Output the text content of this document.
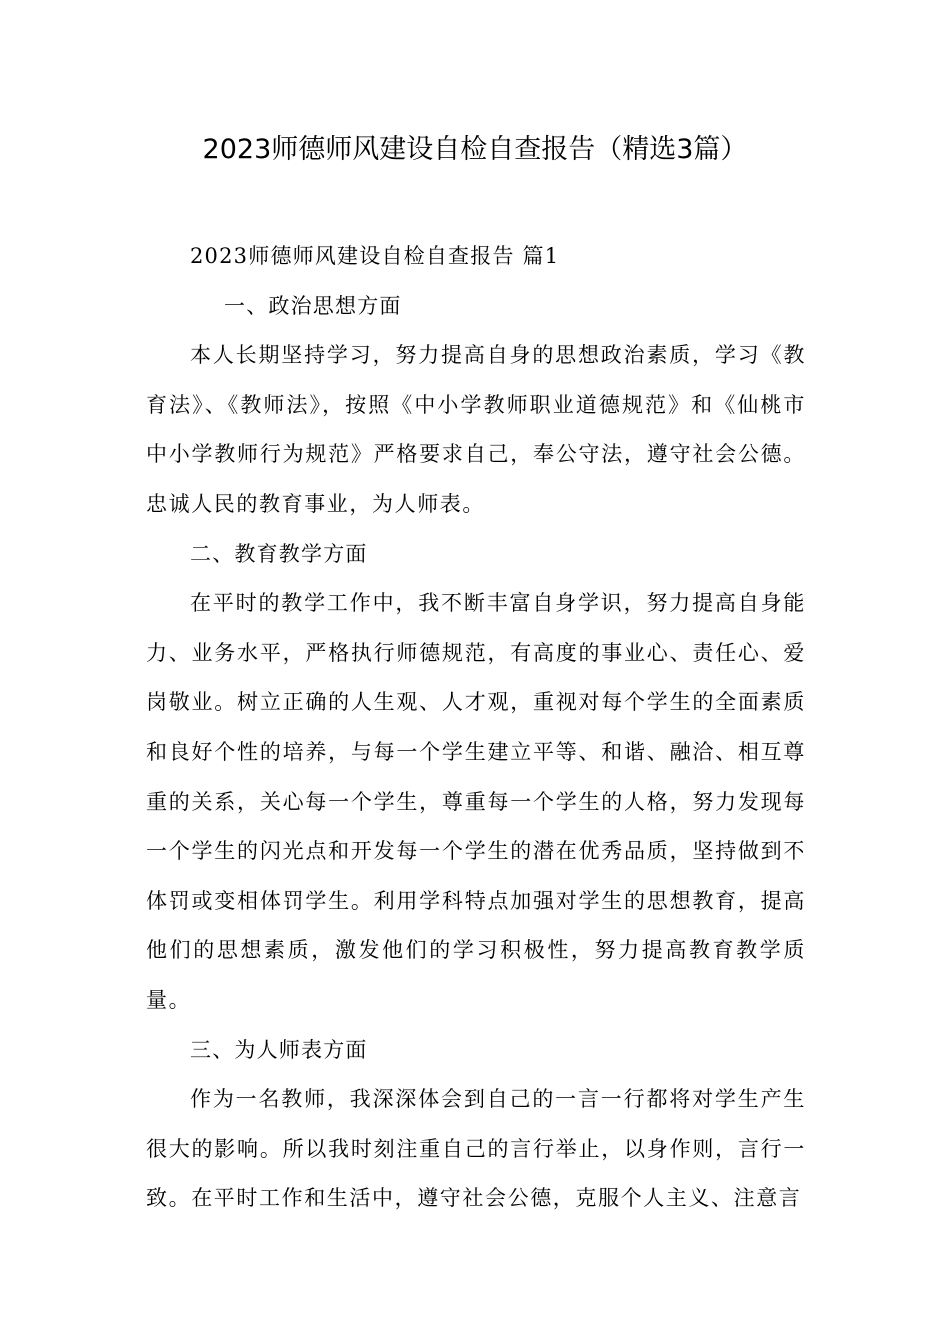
2023师德师风建设自检自查报告（精选3篇）

2023师德师风建设自检自查报告 篇1

一、政治思想方面

本人长期坚持学习，努力提高自身的思想政治素质，学习《教育法》、《教师法》，按照《中小学教师职业道德规范》和《仙桃市中小学教师行为规范》严格要求自己，奉公守法，遵守社会公德。忠诚人民的教育事业，为人师表。

二、教育教学方面

在平时的教学工作中，我不断丰富自身学识，努力提高自身能力、业务水平，严格执行师德规范，有高度的事业心、责任心、爱岗敬业。树立正确的人生观、人才观，重视对每个学生的全面素质和良好个性的培养，与每一个学生建立平等、和谐、融洽、相互尊重的关系，关心每一个学生，尊重每一个学生的人格，努力发现每一个学生的闪光点和开发每一个学生的潜在优秀品质，坚持做到不体罚或变相体罚学生。利用学科特点加强对学生的思想教育，提高他们的思想素质，激发他们的学习积极性，努力提高教育教学质量。

三、为人师表方面

作为一名教师，我深深体会到自己的一言一行都将对学生产生很大的影响。所以我时刻注重自己的言行举止，以身作则，言行一致。在平时工作和生活中，遵守社会公德，克服个人主义、注意言
